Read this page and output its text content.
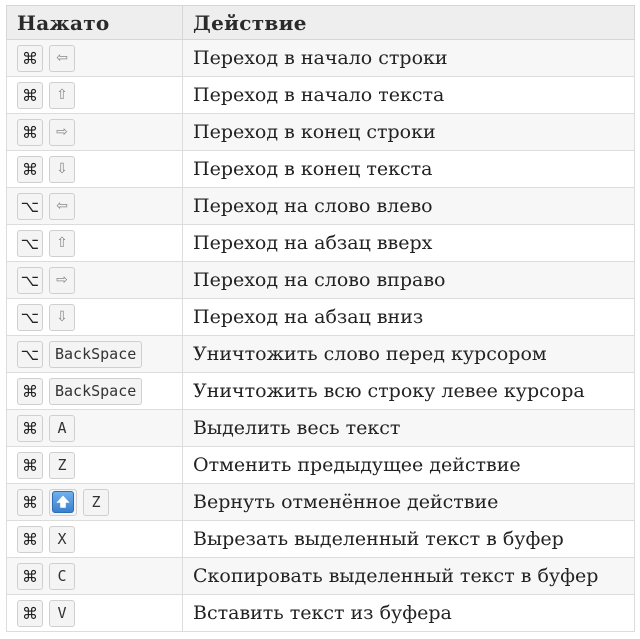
Нажато	Действие
⌘ ⇦	Переход в начало строки
⌘ ⇧	Переход в начало текста
⌘ ⇨	Переход в конец строки
⌘ ⇩	Переход в конец текста
⌥ ⇦	Переход на слово влево
⌥ ⇧	Переход на абзац вверх
⌥ ⇨	Переход на слово вправо
⌥ ⇩	Переход на абзац вниз
⌥ BackSpace	Уничтожить слово перед курсором
⌘ BackSpace	Уничтожить всю строку левее курсора
⌘ A	Выделить весь текст
⌘ Z	Отменить предыдущее действие
⌘ Z	Вернуть отменённое действие
⌘ X	Вырезать выделенный текст в буфер
⌘ C	Скопировать выделенный текст в буфер
⌘ V	Вставить текст из буфера
